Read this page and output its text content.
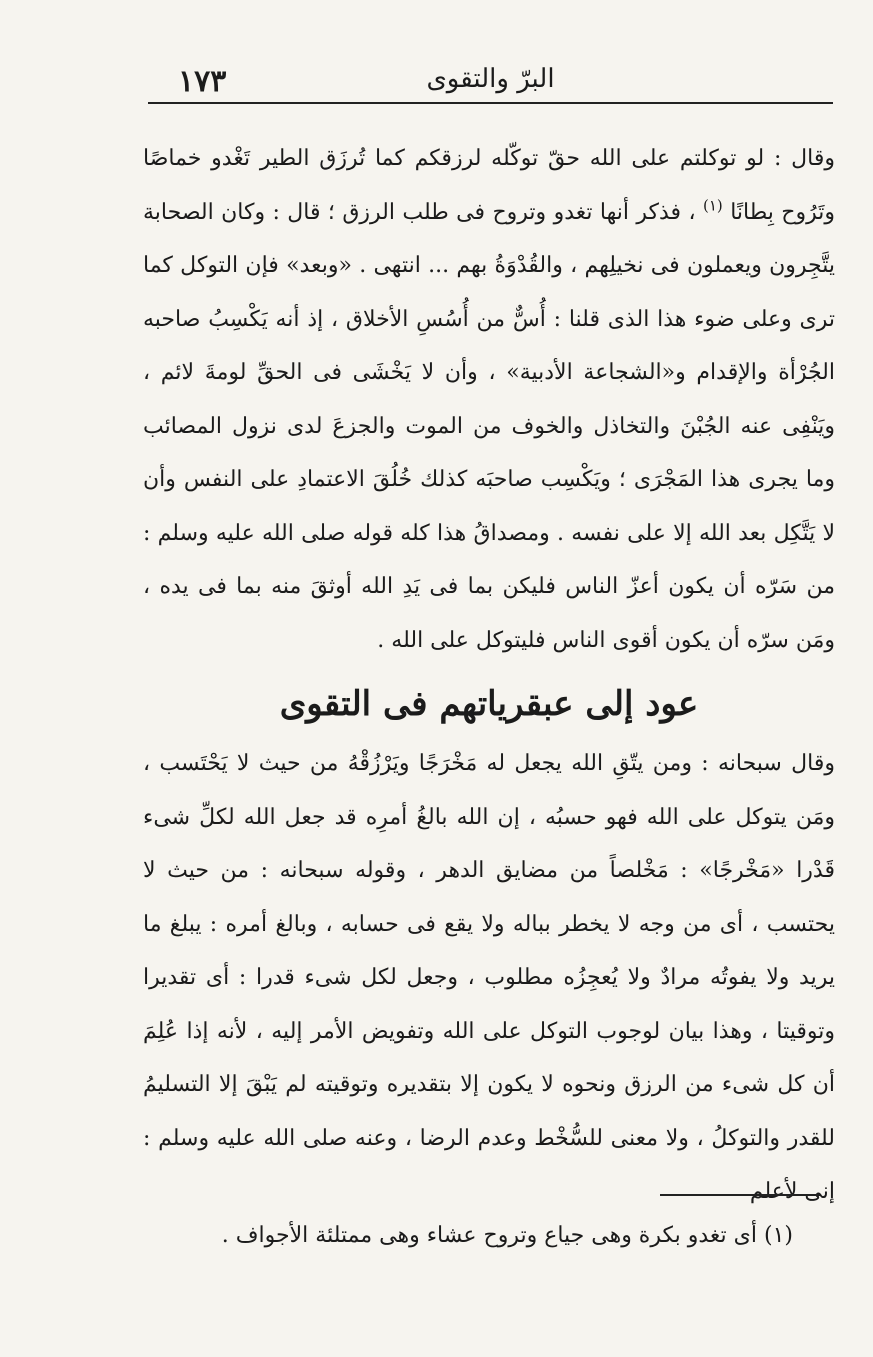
١٧٣	البرّ والتقوى

وقال : لو توكلتم على الله حقّ توكّله لرزقكم كما تُرزَق الطير تَغْدو خماصًا وتَرُوح بِطانًا $^{(١)}$ ، فذكر أنها تغدو وتروح فى طلب الرزق ؛ قال : وكان الصحابة يتَّجِرون ويعملون فى نخيلِهم ، والقُدْوَةُ بهم ... انتهى . «وبعد» فإن التوكل كما ترى وعلى ضوء هذا الذى قلنا : أُسٌّ من أُسُسِ الأخلاق ، إذ أنه يَكْسِبُ صاحبه الجُرْأة والإقدام و«الشجاعة الأدبية» ، وأن لا يَخْشَى فى الحقِّ لومةَ لائم ، ويَنْفِى عنه الجُبْنَ والتخاذل والخوف من الموت والجزعَ لدى نزول المصائب وما يجرى هذا المَجْرَى ؛ ويَكْسِب صاحبَه كذلك خُلُقَ الاعتمادِ على النفس وأن لا يَتَّكِل بعد الله إلا على نفسه . ومصداقُ هذا كله قوله صلى الله عليه وسلم : من سَرّه أن يكون أعزّ الناس فليكن بما فى يَدِ الله أوثقَ منه بما فى يده ، ومَن سرّه أن يكون أقوى الناس فليتوكل على الله .

عود إلى عبقرياتهم فى التقوى

وقال سبحانه : ومن يتّقِ الله يجعل له مَخْرَجًا ويَرْزُقْهُ من حيث لا يَحْتَسب ، ومَن يتوكل على الله فهو حسبُه ، إن الله بالغُ أمرِه قد جعل الله لكلِّ شىء قَدْرا «مَخْرجًا» : مَخْلصاً من مضايق الدهر ، وقوله سبحانه : من حيث لا يحتسب ، أى من وجه لا يخطر بباله ولا يقع فى حسابه ، وبالغ أمره : يبلغ ما يريد ولا يفوتُه مرادٌ ولا يُعجِزُه مطلوب ، وجعل لكل شىء قدرا : أى تقديرا وتوقيتا ، وهذا بيان لوجوب التوكل على الله وتفويض الأمر إليه ، لأنه إذا عُلِمَ أن كل شىء من الرزق ونحوه لا يكون إلا بتقديره وتوقيته لم يَبْقَ إلا التسليمُ للقدر والتوكلُ ، ولا معنى للسُّخْط وعدم الرضا ، وعنه صلى الله عليه وسلم : إنى لأعلم

(١) أى تغدو بكرة وهى جياع وتروح عشاء وهى ممتلئة الأجواف .
